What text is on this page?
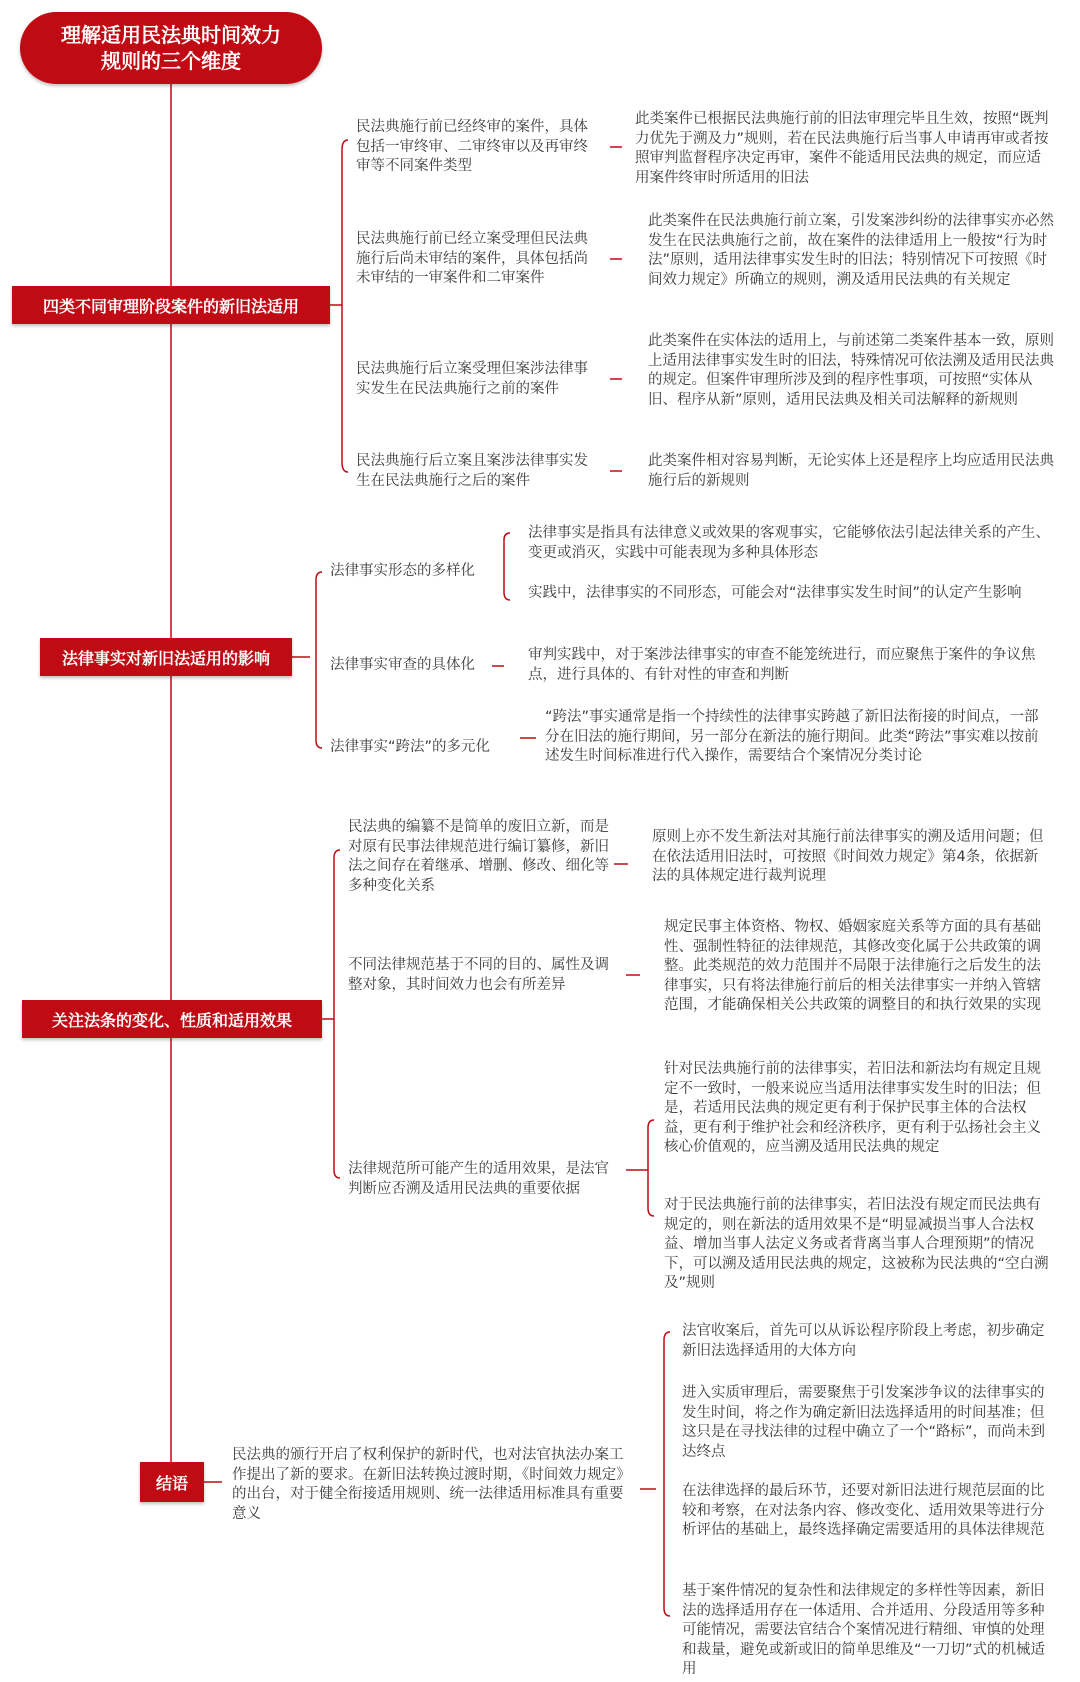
理解适用民法典时间效力
规则的三个维度
四类不同审理阶段案件的新旧法适用
民法典施行前已经终审的案件，具体包括一审终审、二审终审以及再审终审等不同案件类型
此类案件已根据民法典施行前的旧法审理完毕且生效，按照“既判力优先于溯及力”规则，若在民法典施行后当事人申请再审或者按照审判监督程序决定再审，案件不能适用民法典的规定，而应适用案件终审时所适用的旧法
民法典施行前已经立案受理但民法典施行后尚未审结的案件，具体包括尚未审结的一审案件和二审案件
此类案件在民法典施行前立案，引发案涉纠纷的法律事实亦必然发生在民法典施行之前，故在案件的法律适用上一般按“行为时法”原则，适用法律事实发生时的旧法；特别情况下可按照《时间效力规定》所确立的规则，溯及适用民法典的有关规定
民法典施行后立案受理但案涉法律事实发生在民法典施行之前的案件
此类案件在实体法的适用上，与前述第二类案件基本一致，原则上适用法律事实发生时的旧法，特殊情况可依法溯及适用民法典的规定。但案件审理所涉及到的程序性事项，可按照“实体从旧、程序从新”原则，适用民法典及相关司法解释的新规则
民法典施行后立案且案涉法律事实发生在民法典施行之后的案件
此类案件相对容易判断，无论实体上还是程序上均应适用民法典施行后的新规则
法律事实对新旧法适用的影响
法律事实形态的多样化
法律事实是指具有法律意义或效果的客观事实，它能够依法引起法律关系的产生、变更或消灭，实践中可能表现为多种具体形态
实践中，法律事实的不同形态，可能会对“法律事实发生时间”的认定产生影响
法律事实审查的具体化
审判实践中，对于案涉法律事实的审查不能笼统进行，而应聚焦于案件的争议焦点，进行具体的、有针对性的审查和判断
法律事实“跨法”的多元化
“跨法”事实通常是指一个持续性的法律事实跨越了新旧法衔接的时间点，一部分在旧法的施行期间，另一部分在新法的施行期间。此类“跨法”事实难以按前述发生时间标准进行代入操作，需要结合个案情况分类讨论
关注法条的变化、性质和适用效果
民法典的编纂不是简单的废旧立新，而是对原有民事法律规范进行编订纂修，新旧法之间存在着继承、增删、修改、细化等多种变化关系
原则上亦不发生新法对其施行前法律事实的溯及适用问题；但在依法适用旧法时，可按照《时间效力规定》第4条，依据新法的具体规定进行裁判说理
不同法律规范基于不同的目的、属性及调整对象，其时间效力也会有所差异
规定民事主体资格、物权、婚姻家庭关系等方面的具有基础性、强制性特征的法律规范，其修改变化属于公共政策的调整。此类规范的效力范围并不局限于法律施行之后发生的法律事实，只有将法律施行前后的相关法律事实一并纳入管辖范围，才能确保相关公共政策的调整目的和执行效果的实现
法律规范所可能产生的适用效果，是法官判断应否溯及适用民法典的重要依据
针对民法典施行前的法律事实，若旧法和新法均有规定且规定不一致时，一般来说应当适用法律事实发生时的旧法；但是，若适用民法典的规定更有利于保护民事主体的合法权益，更有利于维护社会和经济秩序，更有利于弘扬社会主义核心价值观的，应当溯及适用民法典的规定
对于民法典施行前的法律事实，若旧法没有规定而民法典有规定的，则在新法的适用效果不是“明显减损当事人合法权益、增加当事人法定义务或者背离当事人合理预期”的情况下，可以溯及适用民法典的规定，这被称为民法典的“空白溯及”规则
结语
民法典的颁行开启了权利保护的新时代，也对法官执法办案工作提出了新的要求。在新旧法转换过渡时期，《时间效力规定》的出台，对于健全衔接适用规则、统一法律适用标准具有重要意义
法官收案后，首先可以从诉讼程序阶段上考虑，初步确定新旧法选择适用的大体方向
进入实质审理后，需要聚焦于引发案涉争议的法律事实的发生时间，将之作为确定新旧法选择适用的时间基准；但这只是在寻找法律的过程中确立了一个“路标”，而尚未到达终点
在法律选择的最后环节，还要对新旧法进行规范层面的比较和考察，在对法条内容、修改变化、适用效果等进行分析评估的基础上，最终选择确定需要适用的具体法律规范
基于案件情况的复杂性和法律规定的多样性等因素，新旧法的选择适用存在一体适用、合并适用、分段适用等多种可能情况，需要法官结合个案情况进行精细、审慎的处理和裁量，避免或新或旧的简单思维及“一刀切”式的机械适用
